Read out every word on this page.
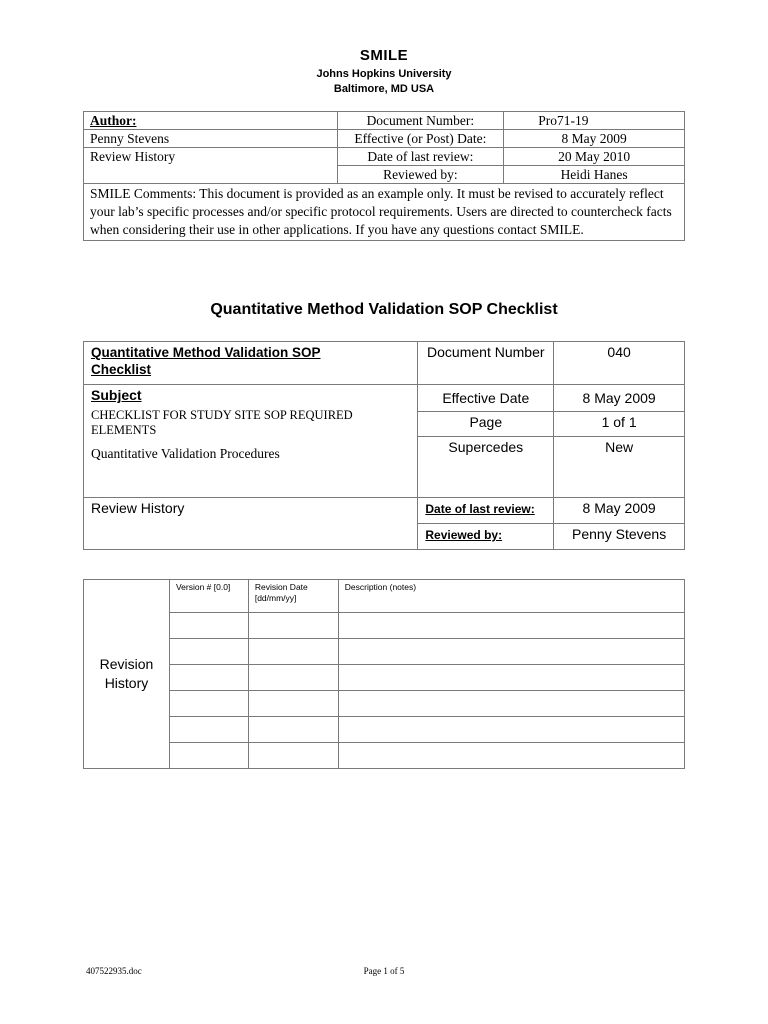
SMILE
Johns Hopkins University
Baltimore, MD USA
Author:	Document Number:	Pro71-19
Penny Stevens	Effective (or Post) Date:	8 May 2009
Review History	Date of last review:	20 May 2010
	Reviewed by:	Heidi Hanes
SMILE Comments: This document is provided as an example only. It must be revised to accurately reflect your lab’s specific processes and/or specific protocol requirements. Users are directed to countercheck facts when considering their use in other applications. If you have any questions contact SMILE.		
Quantitative Method Validation SOP Checklist
Quantitative Method Validation SOP Checklist	Document Number	040

Subject
CHECKLIST FOR STUDY SITE SOP REQUIRED ELEMENTS
Quantitative Validation Procedures	Effective Date	8 May 2009
	Page	1 of 1
	Supercedes	New
Review History	Date of last review:	8 May 2009
	Reviewed by:	Penny Stevens
Revision History	Version # [0.0]	Revision Date [dd/mm/yy]	Description (notes)

407522935.doc	Page 1 of 5
